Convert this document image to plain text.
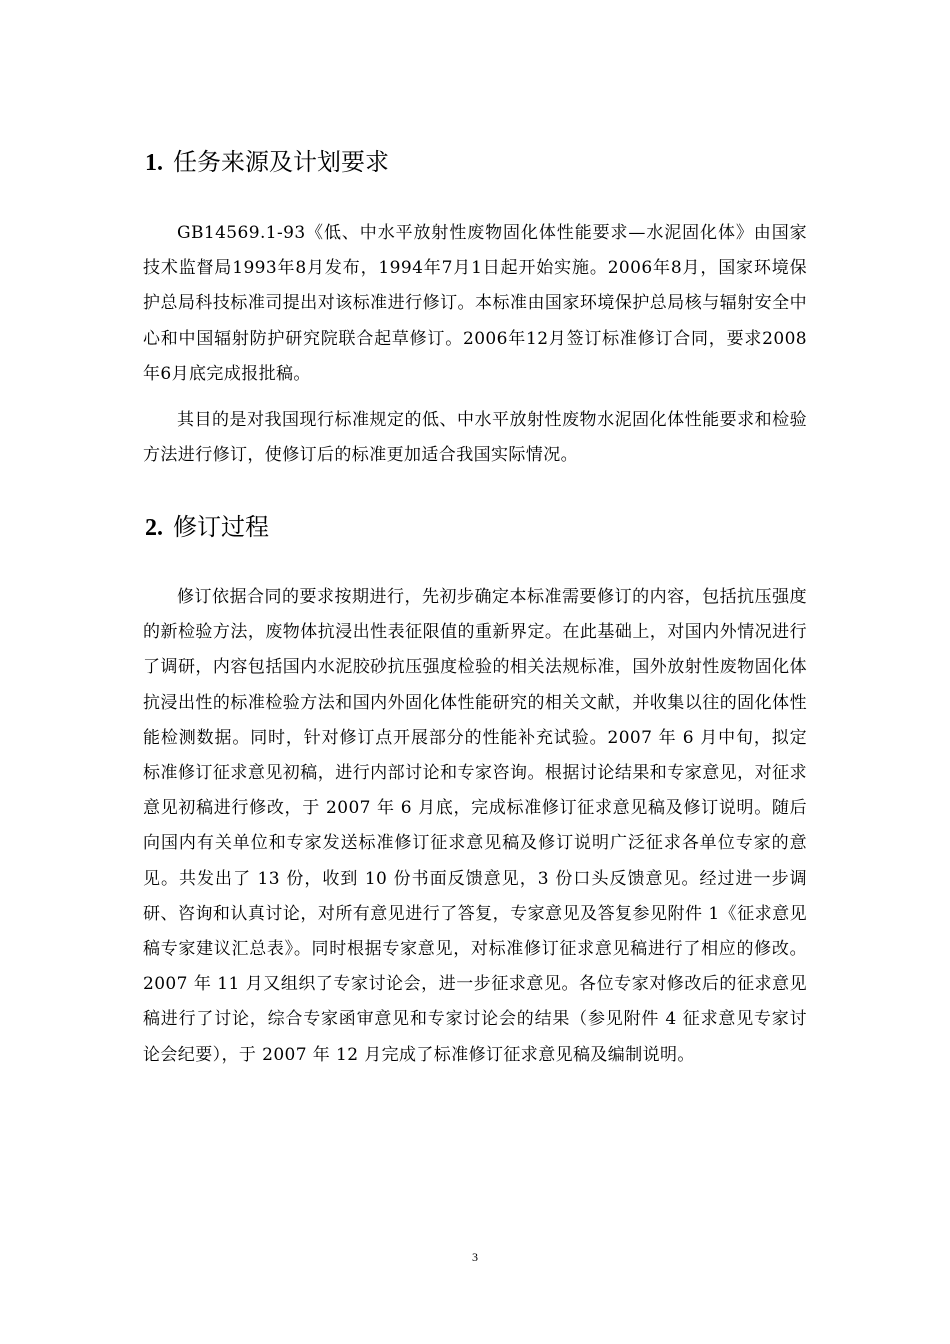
1. 任务来源及计划要求

GB14569.1-93《低、中水平放射性废物固化体性能要求—水泥固化体》由国家技术监督局1993年8月发布，1994年7月1日起开始实施。2006年8月，国家环境保护总局科技标准司提出对该标准进行修订。本标准由国家环境保护总局核与辐射安全中心和中国辐射防护研究院联合起草修订。2006年12月签订标准修订合同，要求2008年6月底完成报批稿。

其目的是对我国现行标准规定的低、中水平放射性废物水泥固化体性能要求和检验方法进行修订，使修订后的标准更加适合我国实际情况。

2. 修订过程

修订依据合同的要求按期进行，先初步确定本标准需要修订的内容，包括抗压强度的新检验方法，废物体抗浸出性表征限值的重新界定。在此基础上，对国内外情况进行了调研，内容包括国内水泥胶砂抗压强度检验的相关法规标准，国外放射性废物固化体抗浸出性的标准检验方法和国内外固化体性能研究的相关文献，并收集以往的固化体性能检测数据。同时，针对修订点开展部分的性能补充试验。2007 年 6 月中旬，拟定标准修订征求意见初稿，进行内部讨论和专家咨询。根据讨论结果和专家意见，对征求意见初稿进行修改，于 2007 年 6 月底，完成标准修订征求意见稿及修订说明。随后向国内有关单位和专家发送标准修订征求意见稿及修订说明广泛征求各单位专家的意见。共发出了 13 份，收到 10 份书面反馈意见，3 份口头反馈意见。经过进一步调研、咨询和认真讨论，对所有意见进行了答复，专家意见及答复参见附件 1《征求意见稿专家建议汇总表》。同时根据专家意见，对标准修订征求意见稿进行了相应的修改。2007 年 11 月又组织了专家讨论会，进一步征求意见。各位专家对修改后的征求意见稿进行了讨论，综合专家函审意见和专家讨论会的结果（参见附件 4 征求意见专家讨论会纪要），于 2007 年 12 月完成了标准修订征求意见稿及编制说明。

3
